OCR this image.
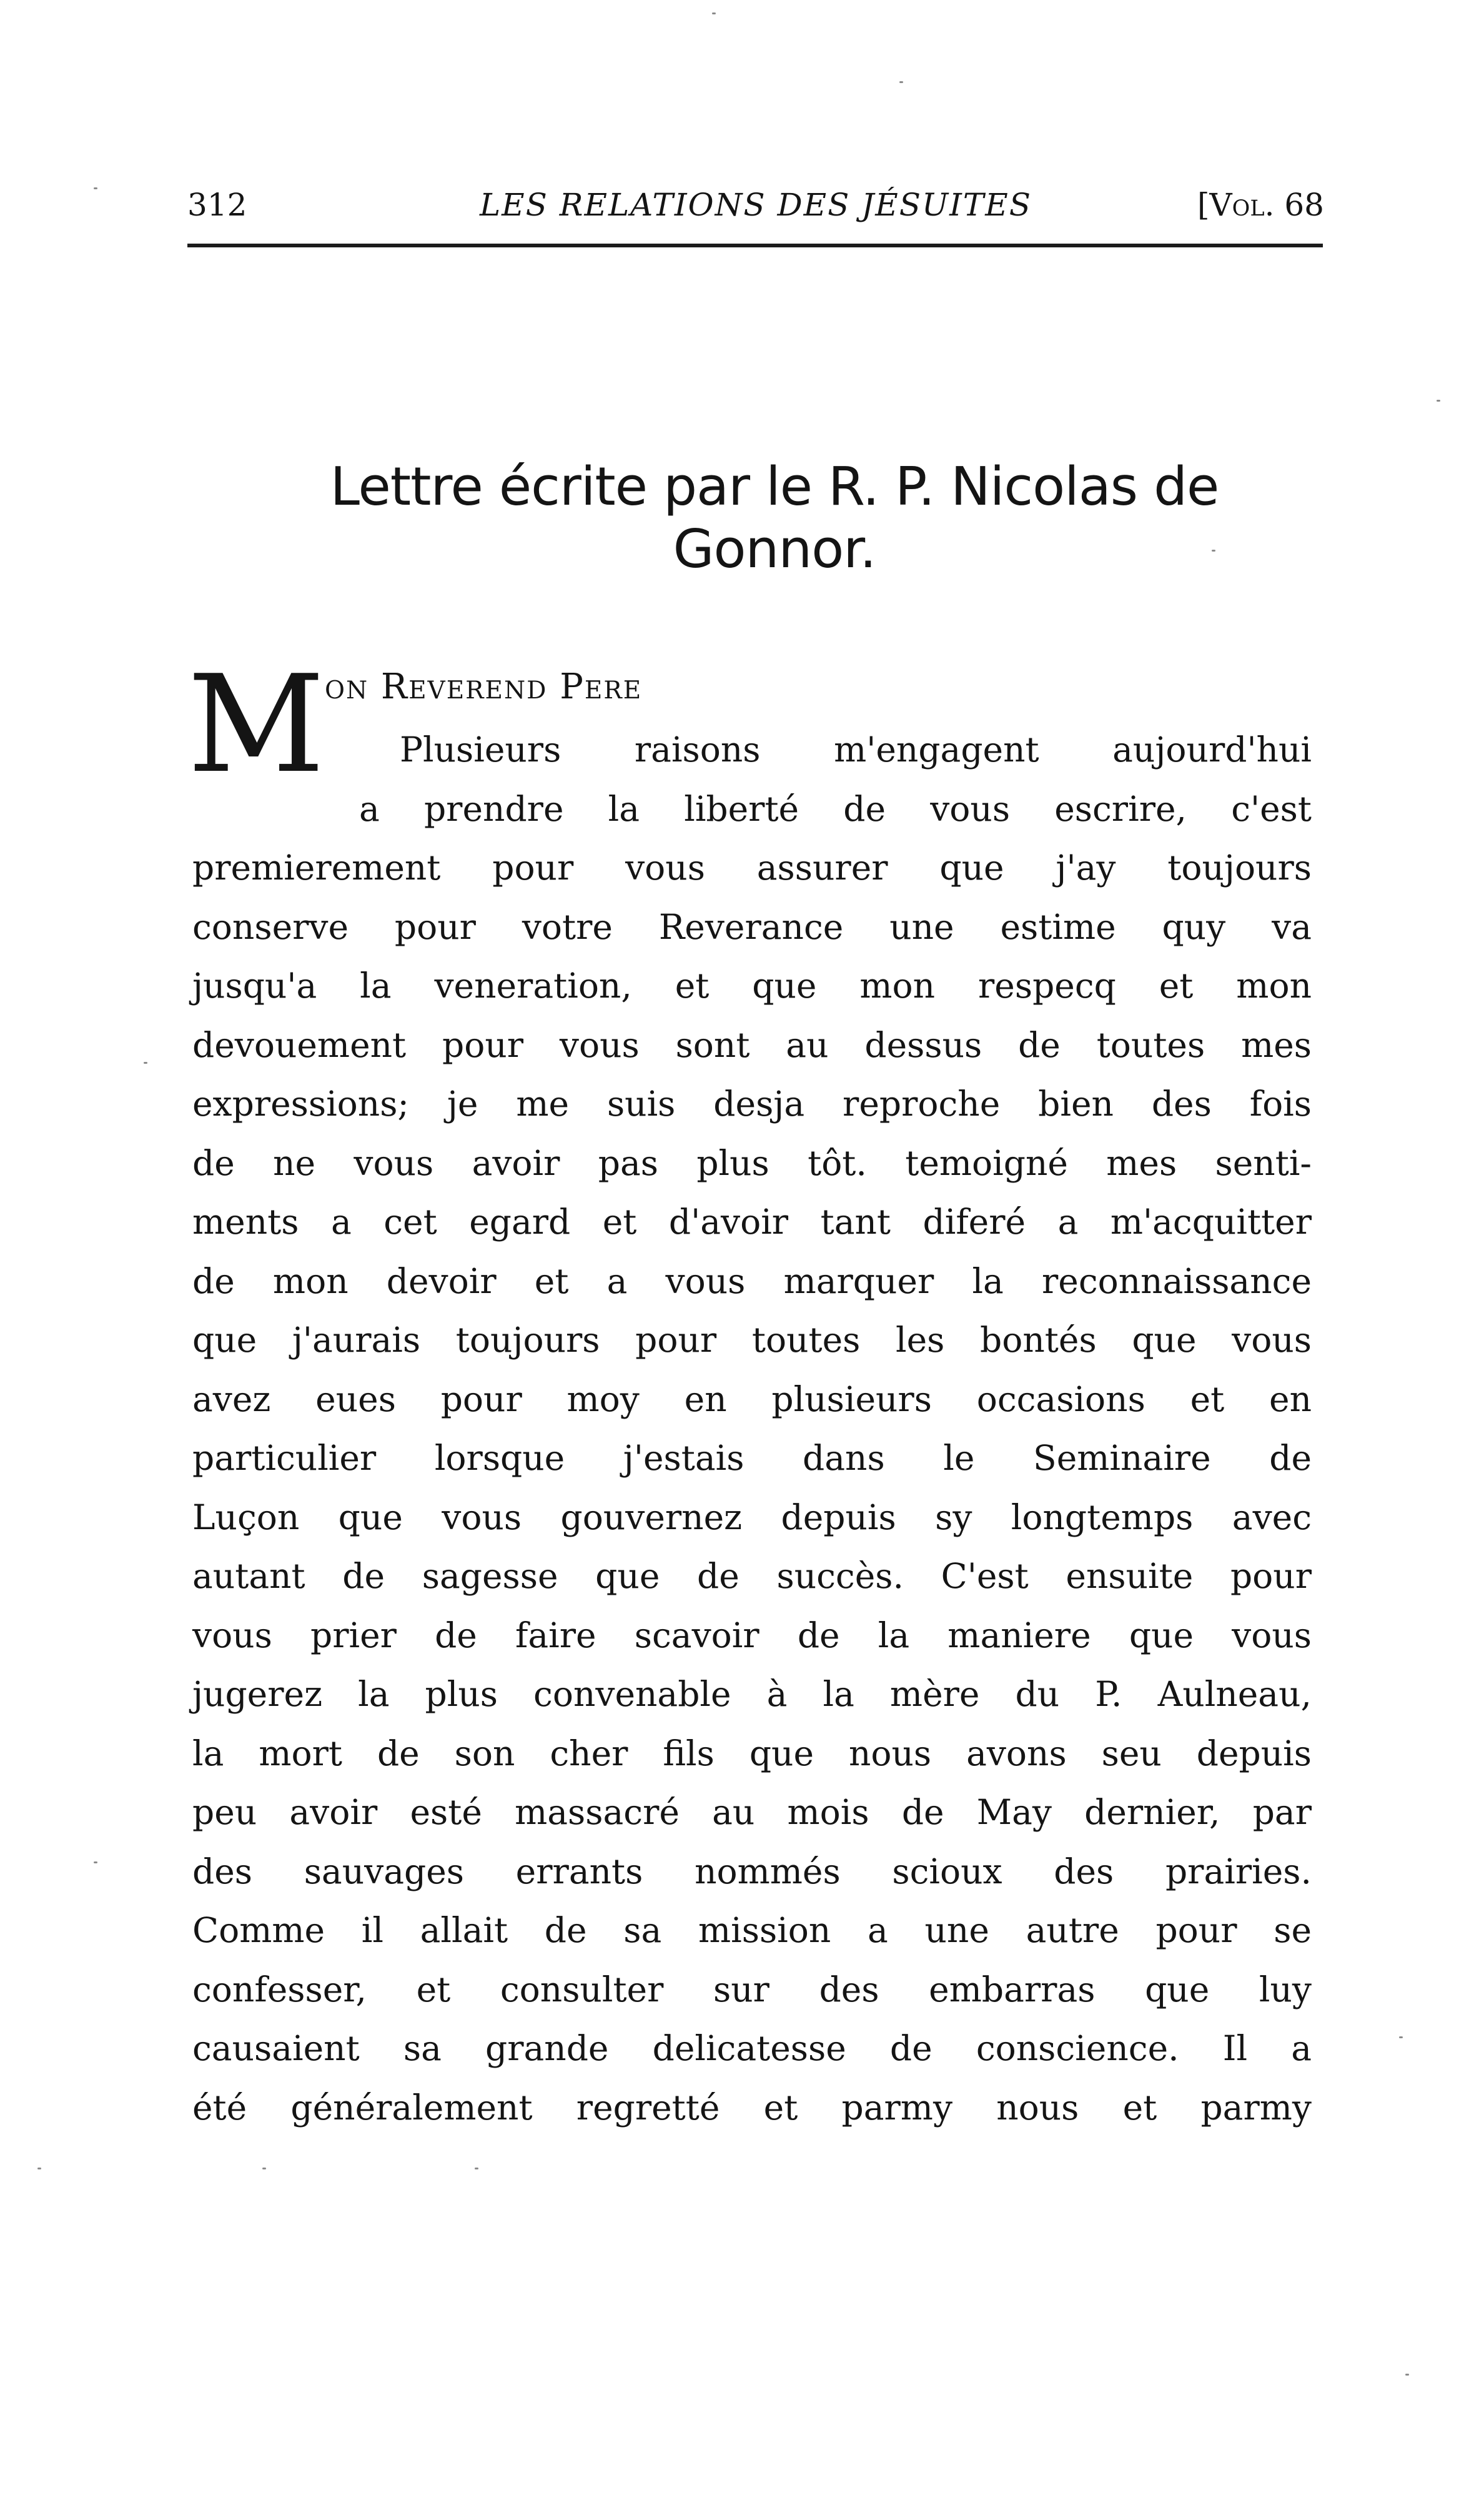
312	LES RELATIONS DES JÉSUITES	[Vol. 68
Lettre écrite par le R. P. Nicolas de
Gonnor.
M on Reverend Pere
Plusieurs raisons m'engagent aujourd'hui
a prendre la liberté de vous escrire, c'est
premierement pour vous assurer que j'ay toujours
conserve pour votre Reverance une estime quy va
jusqu'a la veneration, et que mon respecq et mon
devouement pour vous sont au dessus de toutes mes
expressions; je me suis desja reproche bien des fois
de ne vous avoir pas plus tôt. temoigné mes senti-
ments a cet egard et d'avoir tant diferé a m'acquitter
de mon devoir et a vous marquer la reconnaissance
que j'aurais toujours pour toutes les bontés que vous
avez eues pour moy en plusieurs occasions et en
particulier lorsque j'estais dans le Seminaire de
Luçon que vous gouvernez depuis sy longtemps avec
autant de sagesse que de succès. C'est ensuite pour
vous prier de faire scavoir de la maniere que vous
jugerez la plus convenable à la mère du P. Aulneau,
la mort de son cher fils que nous avons seu depuis
peu avoir esté massacré au mois de May dernier, par
des sauvages errants nommés scioux des prairies.
Comme il allait de sa mission a une autre pour se
confesser, et consulter sur des embarras que luy
causaient sa grande delicatesse de conscience. Il a
été généralement regretté et parmy nous et parmy
